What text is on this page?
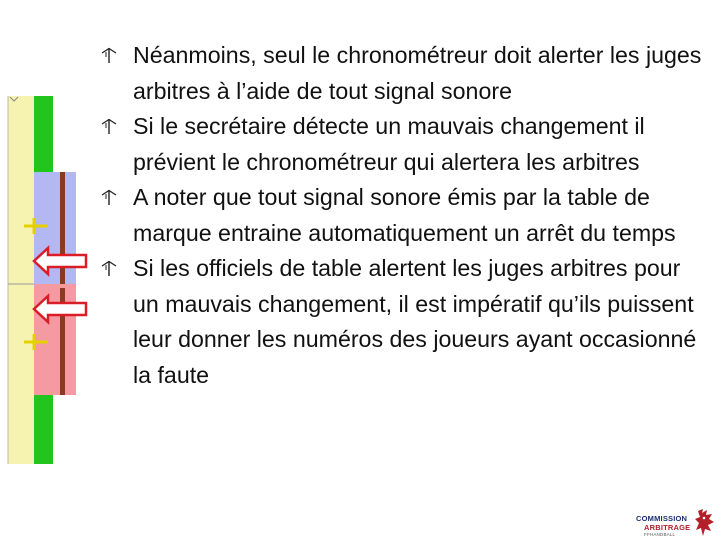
Néanmoins, seul le chronométreur doit alerter les juges arbitres à l’aide de tout signal sonore
Si le secrétaire détecte un mauvais changement il prévient le chronométreur qui alertera les arbitres
A noter que tout signal sonore émis par la table de marque entraine automatiquement un arrêt du temps
Si les officiels de table alertent les juges arbitres pour un mauvais changement, il est impératif qu’ils puissent leur donner les numéros des joueurs ayant occasionné la faute
COMMISSION
ARBITRAGE
FFHANDBALL
